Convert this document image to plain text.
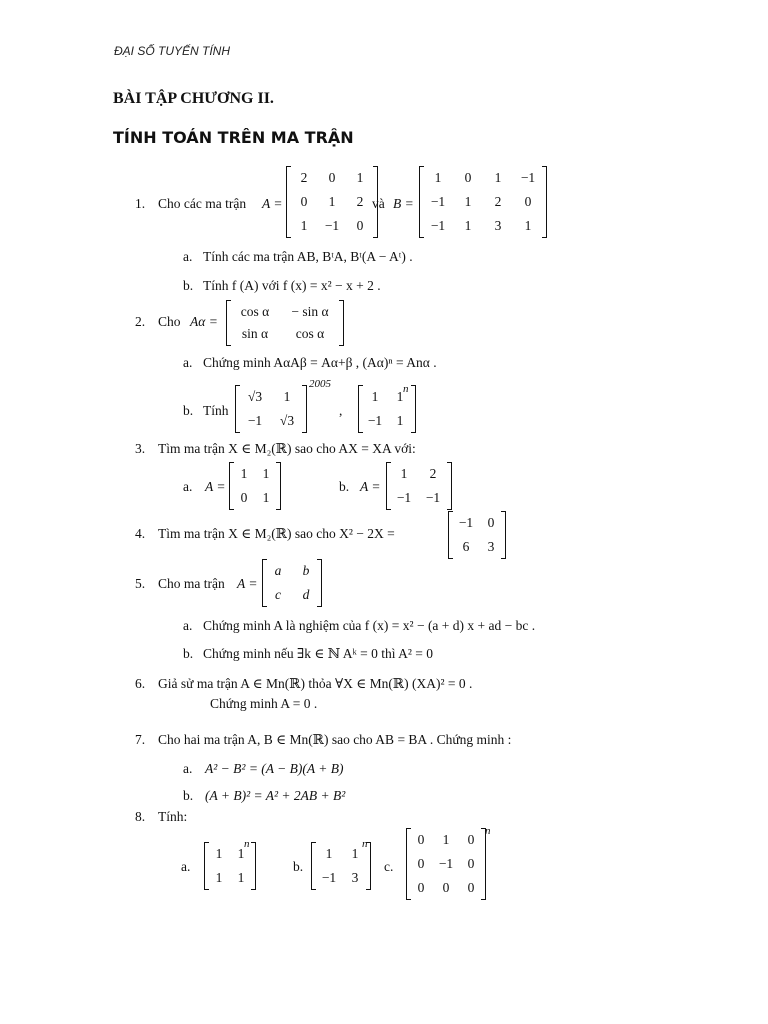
ĐẠI SỐ TUYẾN TÍNH
BÀI TẬP CHƯƠNG II.
TÍNH TOÁN TRÊN MA TRẬN
1. Cho các ma trận A =
2	0	1
0	1	2
1	−1	0
và B =
1	0	1	−1
−1	1	2	0
−1	1	3	1
a. Tính các ma trận AB, BᵗA, Bᵗ(A − Aᵗ) .
b. Tính f (A) với f (x) = x² − x + 2 .
2. Cho Aα =
cos α	− sin α
sin α	cos α
a. Chứng minh AαAβ = Aα+β , (Aα)ⁿ = Anα .
b. Tính
√3	1
−1 √3
2005
,
1	1
−1 1
n
3. Tìm ma trận X ∈ M₂(ℝ) sao cho AX = XA với:
a. A =
1 1
0 1
b. A =
1	2
−1 −1
4. Tìm ma trận X ∈ M₂(ℝ) sao cho X² − 2X =
−1 0
6	3
5. Cho ma trận A =
a b
c d
a. Chứng minh A là nghiệm của f (x) = x² − (a + d) x + ad − bc .
b. Chứng minh nếu ∃k ∈ ℕ Aᵏ = 0 thì A² = 0
6. Giả sử ma trận A ∈ Mn(ℝ) thỏa ∀X ∈ Mn(ℝ) (XA)² = 0 .
Chứng minh A = 0 .
7. Cho hai ma trận A, B ∈ Mn(ℝ) sao cho AB = BA . Chứng minh :
a. A² − B² = (A − B)(A + B)
b. (A + B)² = A² + 2AB + B²
8. Tính:
a.
1 1
1 1
n
b.
1	1
−1 3
n
c.
0	1	0
0 −1 0
0	0	0
n
